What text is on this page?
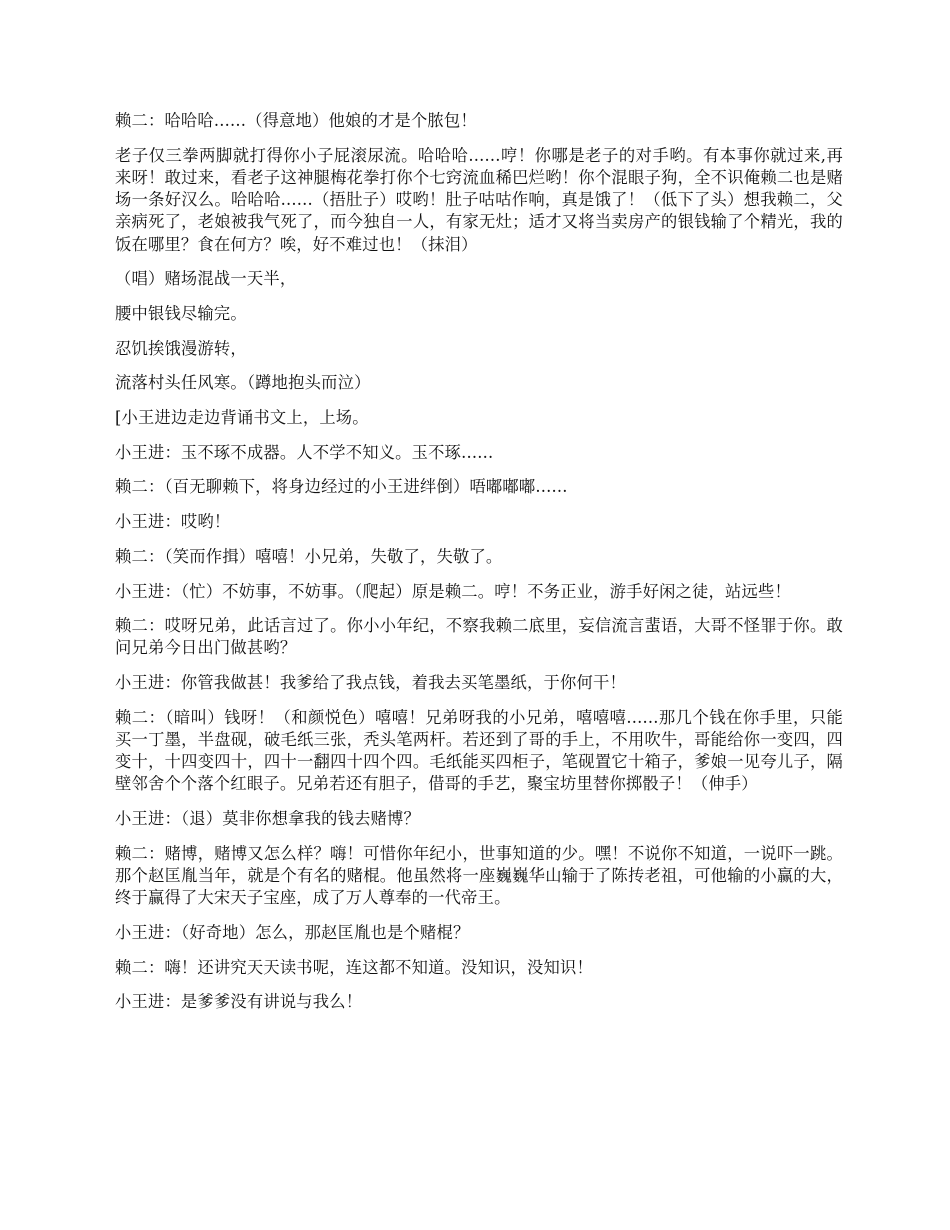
赖二：哈哈哈......（得意地）他娘的才是个脓包！

老子仅三拳两脚就打得你小子屁滚尿流。哈哈哈......哼！你哪是老子的对手哟。有本事你就过来,再来呀！敢过来，看老子这神腿梅花拳打你个七窍流血稀巴烂哟！你个混眼子狗，全不识俺赖二也是赌场一条好汉么。哈哈哈......（捂肚子）哎哟！肚子咕咕作响，真是饿了！（低下了头）想我赖二，父亲病死了，老娘被我气死了，而今独自一人，有家无灶；适才又将当卖房产的银钱输了个精光，我的饭在哪里？食在何方？唉，好不难过也！（抹泪）

（唱）赌场混战一天半，

腰中银钱尽输完。

忍饥挨饿漫游转，

流落村头任风寒。（蹲地抱头而泣）

[小王进边走边背诵书文上，上场。

小王进：玉不琢不成器。人不学不知义。玉不琢......

赖二：（百无聊赖下，将身边经过的小王进绊倒）唔嘟嘟嘟......

小王进：哎哟！

赖二：（笑而作揖）嘻嘻！小兄弟，失敬了，失敬了。

小王进：（忙）不妨事，不妨事。（爬起）原是赖二。哼！不务正业，游手好闲之徒，站远些！

赖二：哎呀兄弟，此话言过了。你小小年纪，不察我赖二底里，妄信流言蜚语，大哥不怪罪于你。敢问兄弟今日出门做甚哟？

小王进：你管我做甚！我爹给了我点钱，着我去买笔墨纸，于你何干！

赖二：（暗叫）钱呀！（和颜悦色）嘻嘻！兄弟呀我的小兄弟，嘻嘻嘻......那几个钱在你手里，只能买一丁墨，半盘砚，破毛纸三张，秃头笔两杆。若还到了哥的手上，不用吹牛，哥能给你一变四，四变十，十四变四十，四十一翻四十四个四。毛纸能买四柜子，笔砚置它十箱子，爹娘一见夸儿子，隔壁邻舍个个落个红眼子。兄弟若还有胆子，借哥的手艺，聚宝坊里替你掷骰子！（伸手）

小王进：（退）莫非你想拿我的钱去赌博？

赖二：赌博，赌博又怎么样？嗨！可惜你年纪小，世事知道的少。嘿！不说你不知道，一说吓一跳。那个赵匡胤当年，就是个有名的赌棍。他虽然将一座巍巍华山输于了陈抟老祖，可他输的小赢的大，终于赢得了大宋天子宝座，成了万人尊奉的一代帝王。

小王进：（好奇地）怎么，那赵匡胤也是个赌棍？

赖二：嗨！还讲究天天读书呢，连这都不知道。没知识，没知识！

小王进：是爹爹没有讲说与我么！
